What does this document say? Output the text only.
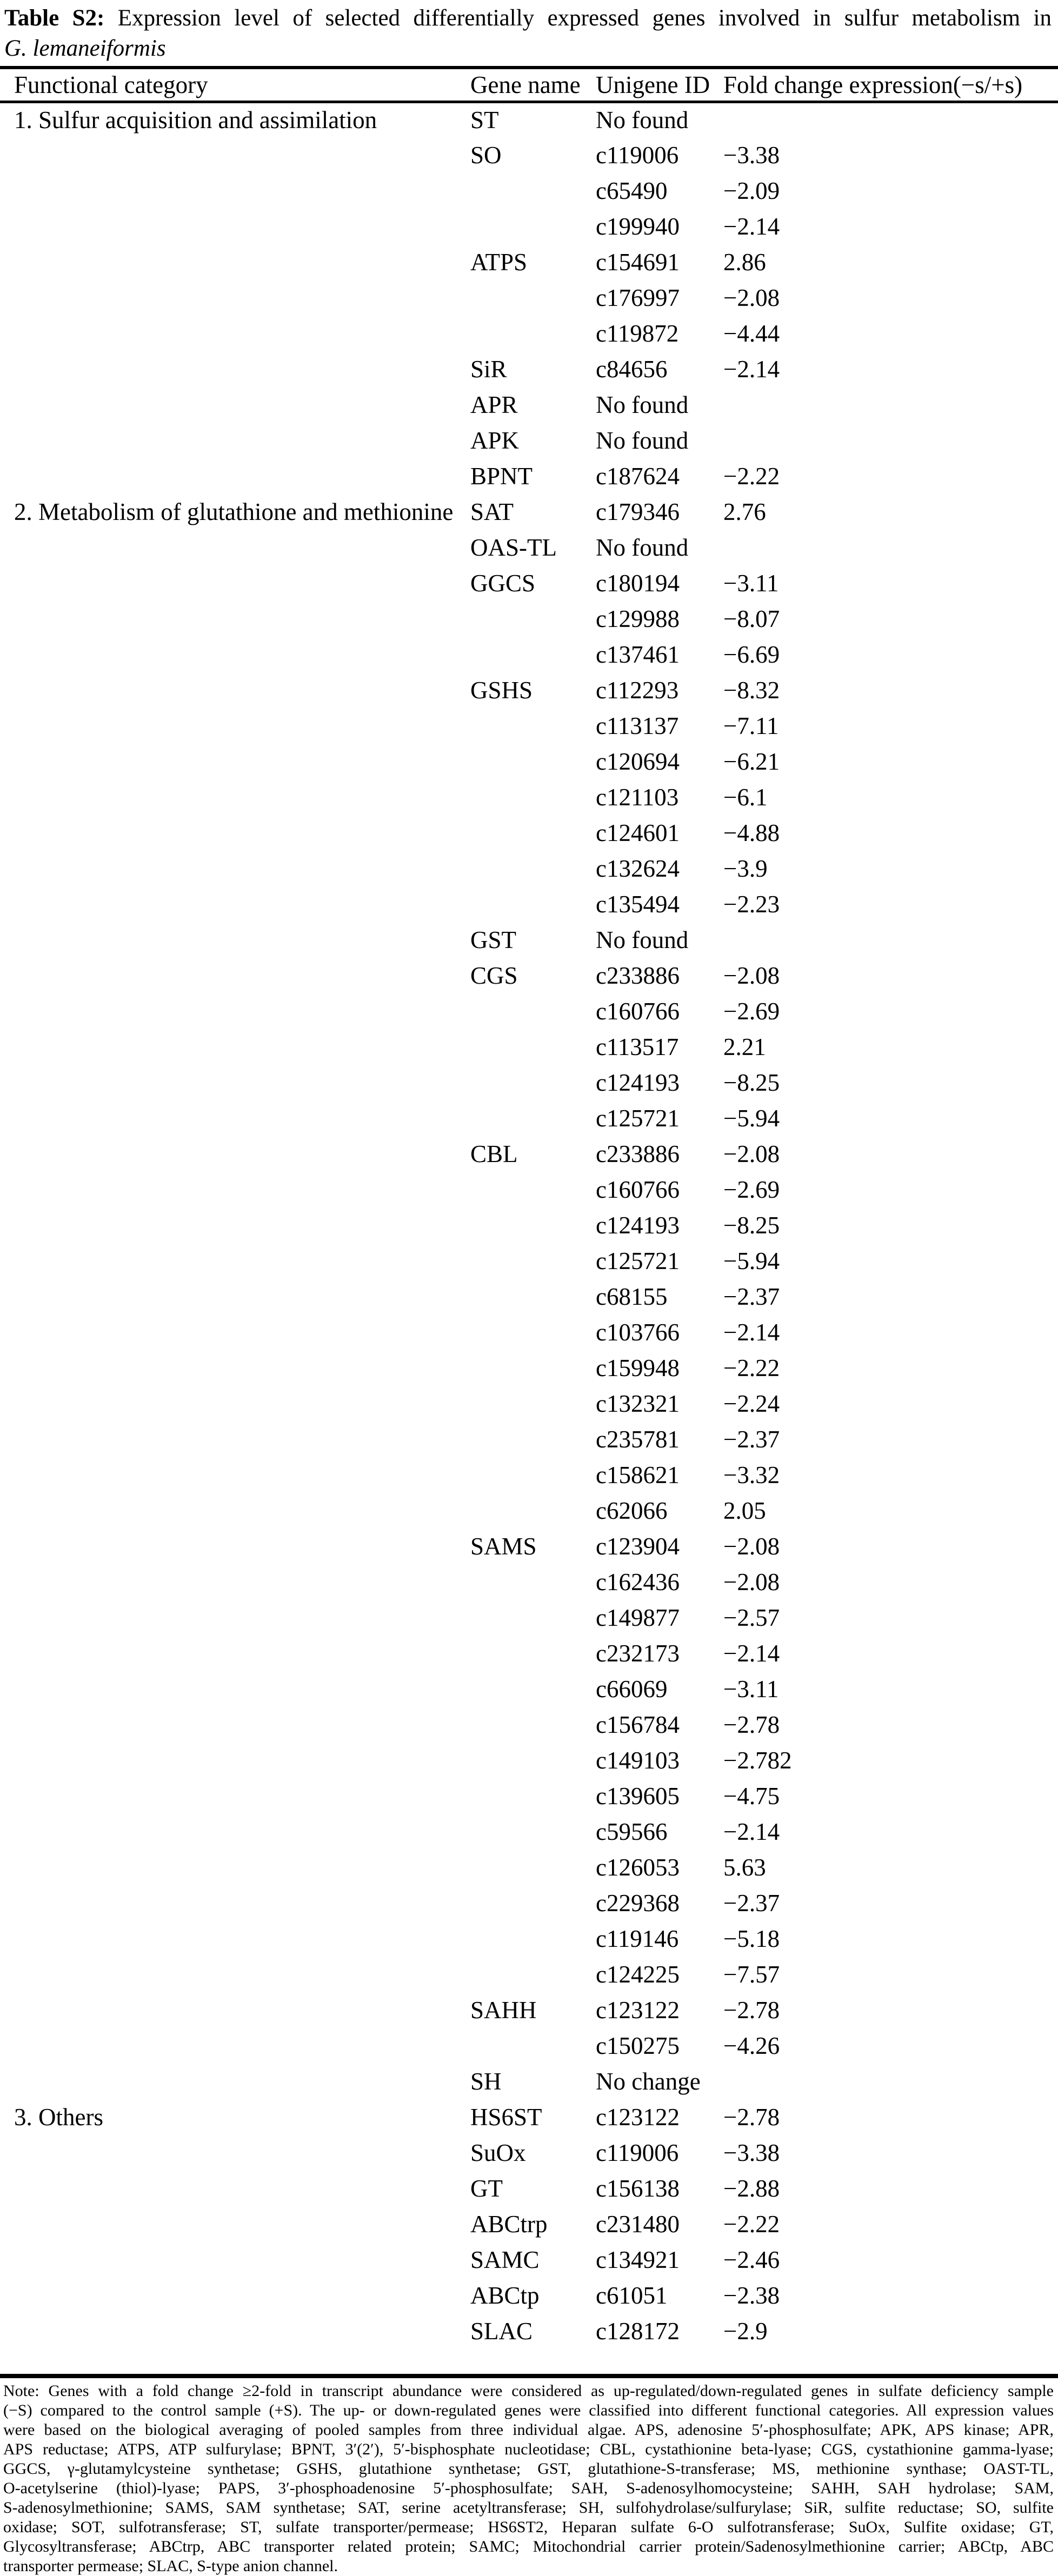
Table S2: Expression level of selected differentially expressed genes involved in sulfur metabolism in
G. lemaneiformis
Functional category	Gene name	Unigene ID	Fold change expression(−s/+s)
1. Sulfur acquisition and assimilation	ST	No found	
	SO	c119006	−3.38
		c65490	−2.09
		c199940	−2.14
	ATPS	c154691	2.86
		c176997	−2.08
		c119872	−4.44
	SiR	c84656	−2.14
	APR	No found	
	APK	No found	
	BPNT	c187624	−2.22
2. Metabolism of glutathione and methionine	SAT	c179346	2.76
	OAS-TL	No found	
	GGCS	c180194	−3.11
		c129988	−8.07
		c137461	−6.69
	GSHS	c112293	−8.32
		c113137	−7.11
		c120694	−6.21
		c121103	−6.1
		c124601	−4.88
		c132624	−3.9
		c135494	−2.23
	GST	No found	
	CGS	c233886	−2.08
		c160766	−2.69
		c113517	2.21
		c124193	−8.25
		c125721	−5.94
	CBL	c233886	−2.08
		c160766	−2.69
		c124193	−8.25
		c125721	−5.94
		c68155	−2.37
		c103766	−2.14
		c159948	−2.22
		c132321	−2.24
		c235781	−2.37
		c158621	−3.32
		c62066	2.05
	SAMS	c123904	−2.08
		c162436	−2.08
		c149877	−2.57
		c232173	−2.14
		c66069	−3.11
		c156784	−2.78
		c149103	−2.782
		c139605	−4.75
		c59566	−2.14
		c126053	5.63
		c229368	−2.37
		c119146	−5.18
		c124225	−7.57
	SAHH	c123122	−2.78
		c150275	−4.26
	SH	No change	
3. Others	HS6ST	c123122	−2.78
	SuOx	c119006	−3.38
	GT	c156138	−2.88
	ABCtrp	c231480	−2.22
	SAMC	c134921	−2.46
	ABCtp	c61051	−2.38
	SLAC	c128172	−2.9
Note: Genes with a fold change ≥2-fold in transcript abundance were considered as up-regulated/down-regulated genes in sulfate deficiency sample
(−S) compared to the control sample (+S). The up- or down-regulated genes were classified into different functional categories. All expression values
were based on the biological averaging of pooled samples from three individual algae. APS, adenosine 5′-phosphosulfate; APK, APS kinase; APR,
APS reductase; ATPS, ATP sulfurylase; BPNT, 3′(2′), 5′-bisphosphate nucleotidase; CBL, cystathionine beta-lyase; CGS, cystathionine gamma-lyase;
GGCS, γ-glutamylcysteine synthetase; GSHS, glutathione synthetase; GST, glutathione-S-transferase; MS, methionine synthase; OAST-TL,
O-acetylserine (thiol)-lyase; PAPS, 3′-phosphoadenosine 5′-phosphosulfate; SAH, S-adenosylhomocysteine; SAHH, SAH hydrolase; SAM,
S-adenosylmethionine; SAMS, SAM synthetase; SAT, serine acetyltransferase; SH, sulfohydrolase/sulfurylase; SiR, sulfite reductase; SO, sulfite
oxidase; SOT, sulfotransferase; ST, sulfate transporter/permease; HS6ST2, Heparan sulfate 6-O sulfotransferase; SuOx, Sulfite oxidase; GT,
Glycosyltransferase; ABCtrp, ABC transporter related protein; SAMC; Mitochondrial carrier protein/Sadenosylmethionine carrier; ABCtp, ABC
transporter permease; SLAC, S-type anion channel.
